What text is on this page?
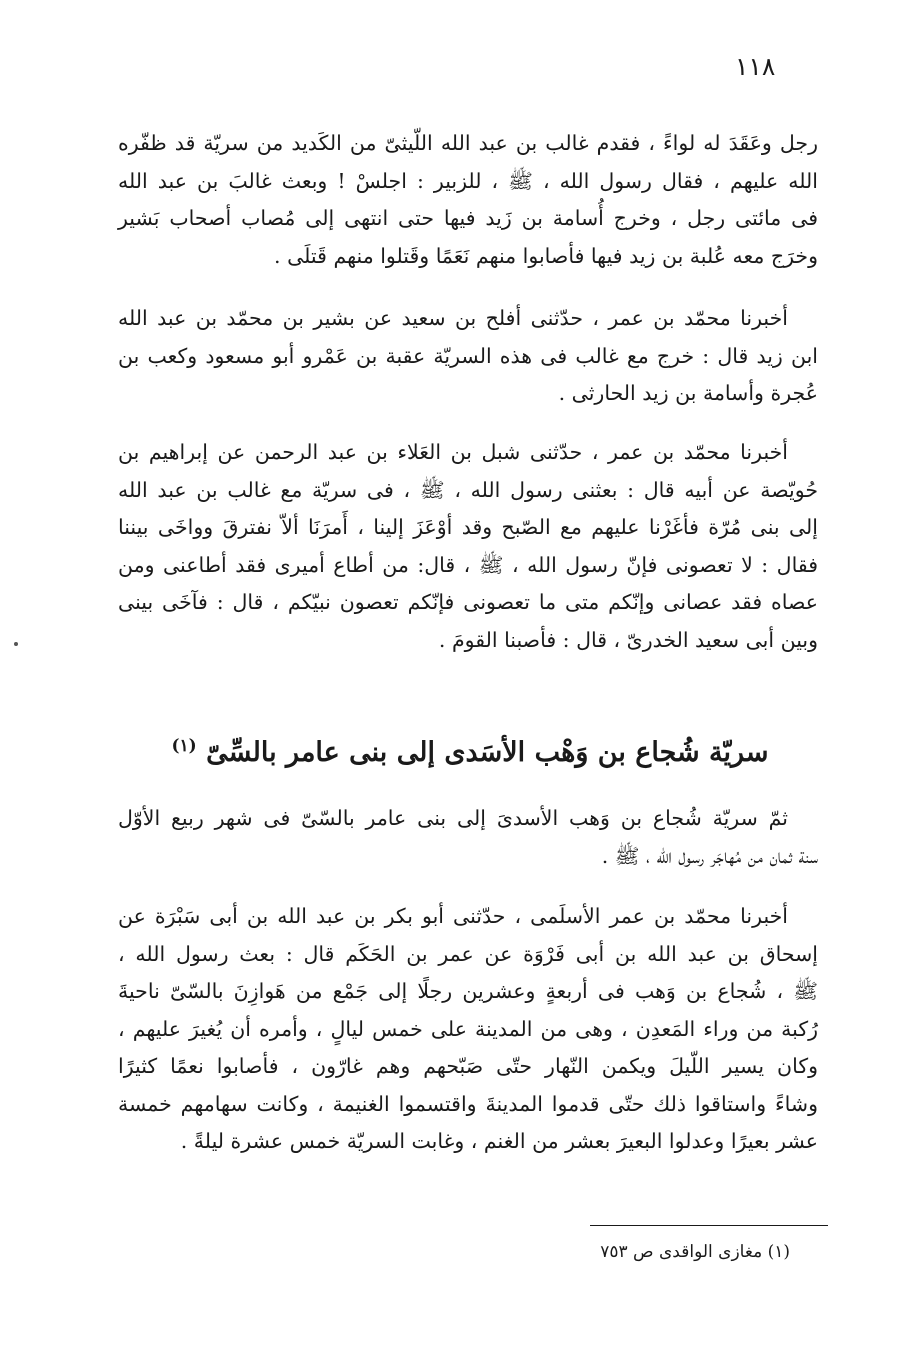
١١٨
رجل وعَقَدَ له لواءً ، فقدم غالب بن عبد الله اللّيثىّ من الكَديد من سريّة قد ظفّره
الله عليهم ، فقال رسول الله ، ﷺ ، للزبير : اجلسْ ! وبعث غالبَ بن عبد الله
فى مائتى رجل ، وخرج أُسامة بن زَيد فيها حتى انتهى إلى مُصاب أصحاب بَشير
وخرَج معه عُلبة بن زيد فيها فأصابوا منهم نَعَمًا وقَتلوا منهم قَتلَى .
أخبرنا محمّد بن عمر ، حدّثنى أفلح بن سعيد عن بشير بن محمّد بن عبد الله
ابن زيد قال : خرج مع غالب فى هذه السريّة عقبة بن عَمْرو أبو مسعود وكعب بن
عُجرة وأسامة بن زيد الحارثى .
أخبرنا محمّد بن عمر ، حدّثنى شبل بن العَلاء بن عبد الرحمن عن إبراهيم بن
حُويّصة عن أبيه قال : بعثنى رسول الله ، ﷺ ، فى سريّة مع غالب بن عبد الله
إلى بنى مُرّة فأغَرْنا عليهم مع الصّبح وقد أوْعَزَ إلينا ، أَمرَنَا ألاّ نفترقَ وواخَى بيننا
فقال : لا تعصونى فإنّ رسول الله ، ﷺ ، قال: من أطاع أميرى فقد أطاعنى ومن
عصاه فقد عصانى وإنّكم متى ما تعصونى فإنّكم تعصون نبيّكم ، قال : فآخَى بينى
وبين أبى سعيد الخدرىّ ، قال : فأصبنا القومَ .
سريّة شُجاع بن وَهْب الأسَدى إلى بنى عامر بالسِّىّ $^{(١)}$
ثمّ سريّة شُجاع بن وَهب الأسدىَ إلى بنى عامر بالسّىّ فى شهر ربيع الأوّل
سنة ثمان من مُهاجَر رسول الله ، ﷺ .
أخبرنا محمّد بن عمر الأسلَمى ، حدّثنى أبو بكر بن عبد الله بن أبى سَبْرَة عن
إسحاق بن عبد الله بن أبى فَرْوَة عن عمر بن الحَكَم قال : بعث رسول الله ،
ﷺ ، شُجاع بن وَهب فى أربعةٍ وعشرين رجلًا إلى جَمْع من هَوازِنَ بالسّىّ ناحيةَ
رُكبة من وراء المَعدِن ، وهى من المدينة على خمس ليالٍ ، وأمره أن يُغيرَ عليهم ،
وكان يسير اللّيلَ ويكمن النّهار حتّى صَبّحهم وهم غارّون ، فأصابوا نعمًا كثيرًا
وشاءً واستاقوا ذلك حتّى قدموا المدينةَ واقتسموا الغنيمة ، وكانت سهامهم خمسة
عشر بعيرًا وعدلوا البعيرَ بعشر من الغنم ، وغابت السريّة خمس عشرة ليلةً .
(١) مغازى الواقدى ص ٧٥٣
